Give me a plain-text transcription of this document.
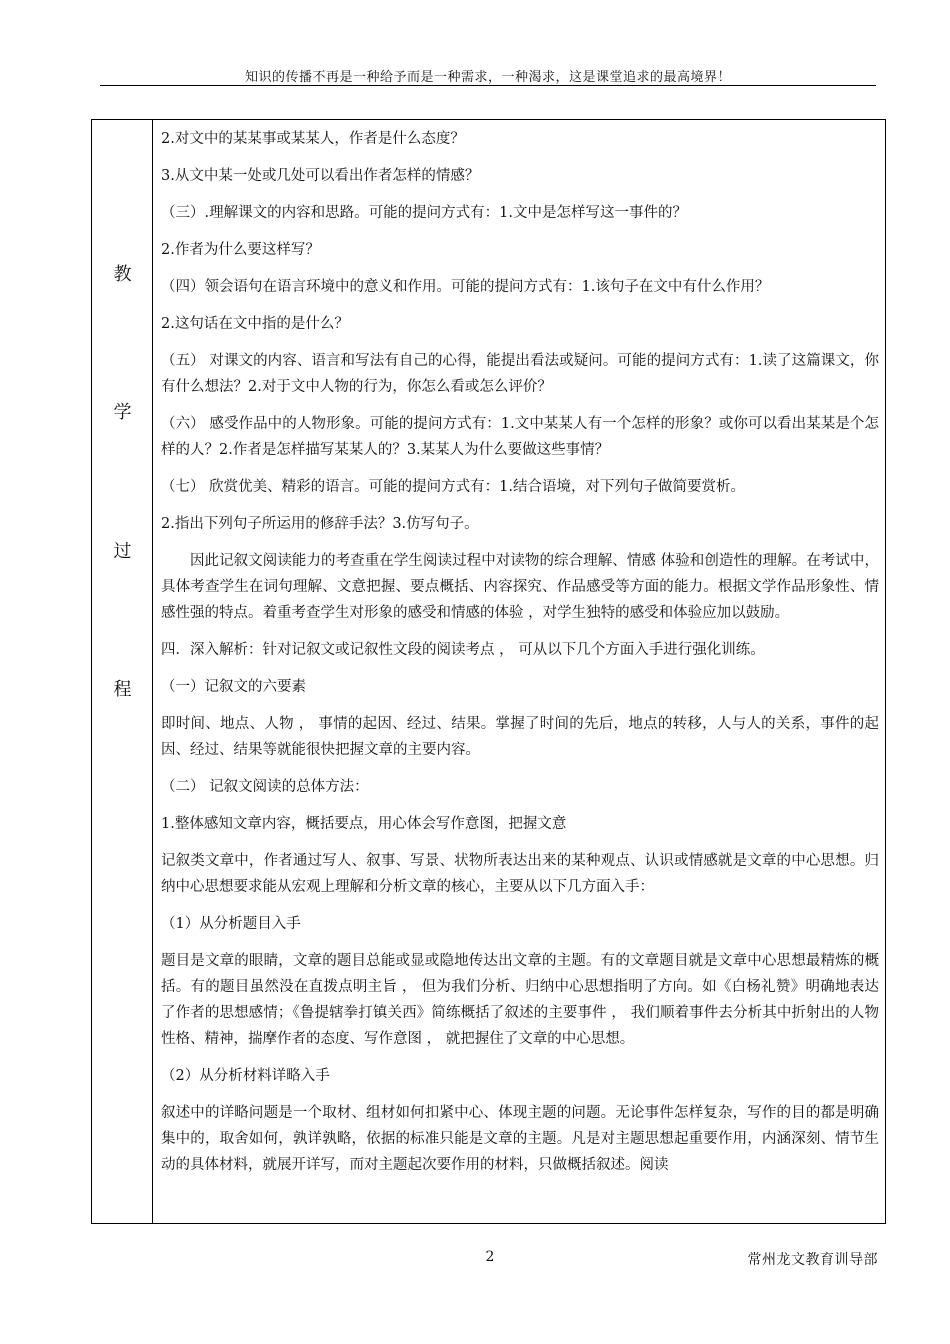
知识的传播不再是一种给予而是一种需求，一种渴求，这是课堂追求的最高境界！
教
学
过
程

2.对文中的某某事或某某人，作者是什么态度？

3.从文中某一处或几处可以看出作者怎样的情感？

（三）.理解课文的内容和思路。可能的提问方式有：1.文中是怎样写这一事件的？

2.作者为什么要这样写？

（四）领会语句在语言环境中的意义和作用。可能的提问方式有：1.该句子在文中有什么作用？

2.这句话在文中指的是什么？

（五） 对课文的内容、语言和写法有自己的心得，能提出看法或疑问。可能的提问方式有：1.读了这篇课文，你有什么想法？2.对于文中人物的行为，你怎么看或怎么评价？

（六） 感受作品中的人物形象。可能的提问方式有：1.文中某某人有一个怎样的形象？或你可以看出某某是个怎样的人？2.作者是怎样描写某某人的？3.某某人为什么要做这些事情？

（七） 欣赏优美、精彩的语言。可能的提问方式有：1.结合语境，对下列句子做简要赏析。

2.指出下列句子所运用的修辞手法？3.仿写句子。

因此记叙文阅读能力的考查重在学生阅读过程中对读物的综合理解、情感 体验和创造性的理解。在考试中，具体考查学生在词句理解、文意把握、要点概括、内容探究、作品感受等方面的能力。根据文学作品形象性、情感性强的特点。着重考查学生对形象的感受和情感的体验 ，对学生独特的感受和体验应加以鼓励。

四．深入解析：针对记叙文或记叙性文段的阅读考点 ， 可从以下几个方面入手进行强化训练。

（一）记叙文的六要素

即时间、地点、人物 ， 事情的起因、经过、结果。掌握了时间的先后，地点的转移，人与人的关系，事件的起因、经过、结果等就能很快把握文章的主要内容。

（二） 记叙文阅读的总体方法：

1.整体感知文章内容，概括要点，用心体会写作意图，把握文意

记叙类文章中，作者通过写人、叙事、写景、状物所表达出来的某种观点、认识或情感就是文章的中心思想。归纳中心思想要求能从宏观上理解和分析文章的核心，主要从以下几方面入手：

（1）从分析题目入手

题目是文章的眼睛，文章的题目总能或显或隐地传达出文章的主题。有的文章题目就是文章中心思想最精炼的概括。有的题目虽然没在直拨点明主旨 ， 但为我们分析、归纳中心思想指明了方向。如《白杨礼赞》明确地表达了作者的思想感情；《鲁提辖拳打镇关西》简练概括了叙述的主要事件 ， 我们顺着事件去分析其中折射出的人物性格、精神，揣摩作者的态度、写作意图 ， 就把握住了文章的中心思想。

（2）从分析材料详略入手

叙述中的详略问题是一个取材、组材如何扣紧中心、体现主题的问题。无论事件怎样复杂，写作的目的都是明确集中的，取舍如何，孰详孰略，依据的标准只能是文章的主题。凡是对主题思想起重要作用，内涵深刻、情节生动的具体材料，就展开详写，而对主题起次要作用的材料，只做概括叙述。阅读

2	常州龙文教育训导部
